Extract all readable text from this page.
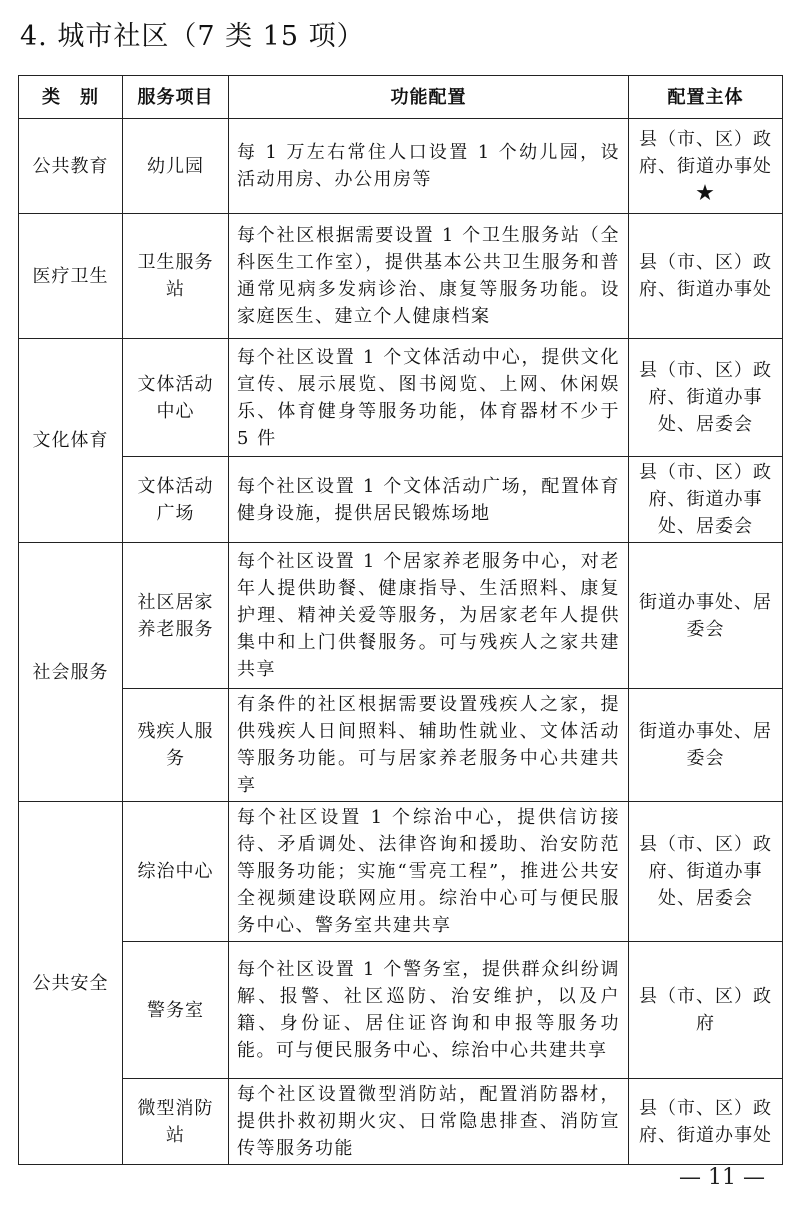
4. 城市社区（7 类 15 项）
类　别	服务项目	功能配置	配置主体
公共教育	幼儿园	每 1 万左右常住人口设置 1 个幼儿园，设活动用房、办公用房等	县（市、区）政府、街道办事处★
医疗卫生	卫生服务站	每个社区根据需要设置 1 个卫生服务站（全科医生工作室），提供基本公共卫生服务和普通常见病多发病诊治、康复等服务功能。设家庭医生、建立个人健康档案	县（市、区）政府、街道办事处
文化体育	文体活动中心	每个社区设置 1 个文体活动中心，提供文化宣传、展示展览、图书阅览、上网、休闲娱乐、体育健身等服务功能，体育器材不少于 5 件	县（市、区）政府、街道办事处、居委会
	文体活动广场	每个社区设置 1 个文体活动广场，配置体育健身设施，提供居民锻炼场地	县（市、区）政府、街道办事处、居委会
社会服务	社区居家养老服务	每个社区设置 1 个居家养老服务中心，对老年人提供助餐、健康指导、生活照料、康复护理、精神关爱等服务，为居家老年人提供集中和上门供餐服务。可与残疾人之家共建共享	街道办事处、居委会
	残疾人服务	有条件的社区根据需要设置残疾人之家，提供残疾人日间照料、辅助性就业、文体活动等服务功能。可与居家养老服务中心共建共享	街道办事处、居委会
公共安全	综治中心	每个社区设置 1 个综治中心，提供信访接待、矛盾调处、法律咨询和援助、治安防范等服务功能；实施“雪亮工程”，推进公共安全视频建设联网应用。综治中心可与便民服务中心、警务室共建共享	县（市、区）政府、街道办事处、居委会
	警务室	每个社区设置 1 个警务室，提供群众纠纷调解、报警、社区巡防、治安维护，以及户籍、身份证、居住证咨询和申报等服务功能。可与便民服务中心、综治中心共建共享	县（市、区）政府
	微型消防站	每个社区设置微型消防站，配置消防器材，提供扑救初期火灾、日常隐患排查、消防宣传等服务功能	县（市、区）政府、街道办事处
— 11 —
